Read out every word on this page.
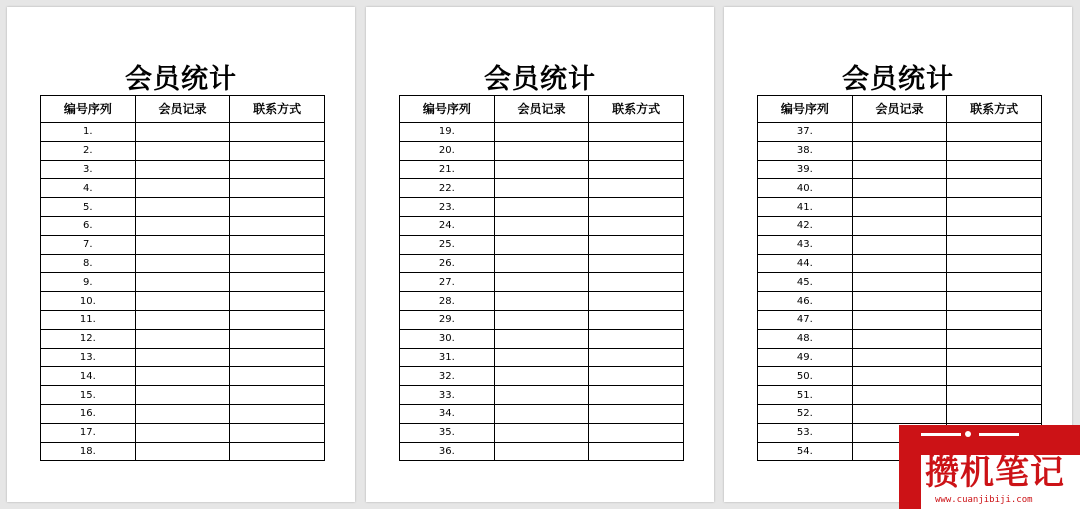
会员统计
编号序列	会员记录	联系方式
1.		
2.		
3.		
4.		
5.		
6.		
7.		
8.		
9.		
10.		
11.		
12.		
13.		
14.		
15.		
16.		
17.		
18.		
会员统计
编号序列	会员记录	联系方式
19.		
20.		
21.		
22.		
23.		
24.		
25.		
26.		
27.		
28.		
29.		
30.		
31.		
32.		
33.		
34.		
35.		
36.		
会员统计
编号序列	会员记录	联系方式
37.		
38.		
39.		
40.		
41.		
42.		
43.		
44.		
45.		
46.		
47.		
48.		
49.		
50.		
51.		
52.		
53.		
54.		
攒机笔记
www.cuanjibiji.com
